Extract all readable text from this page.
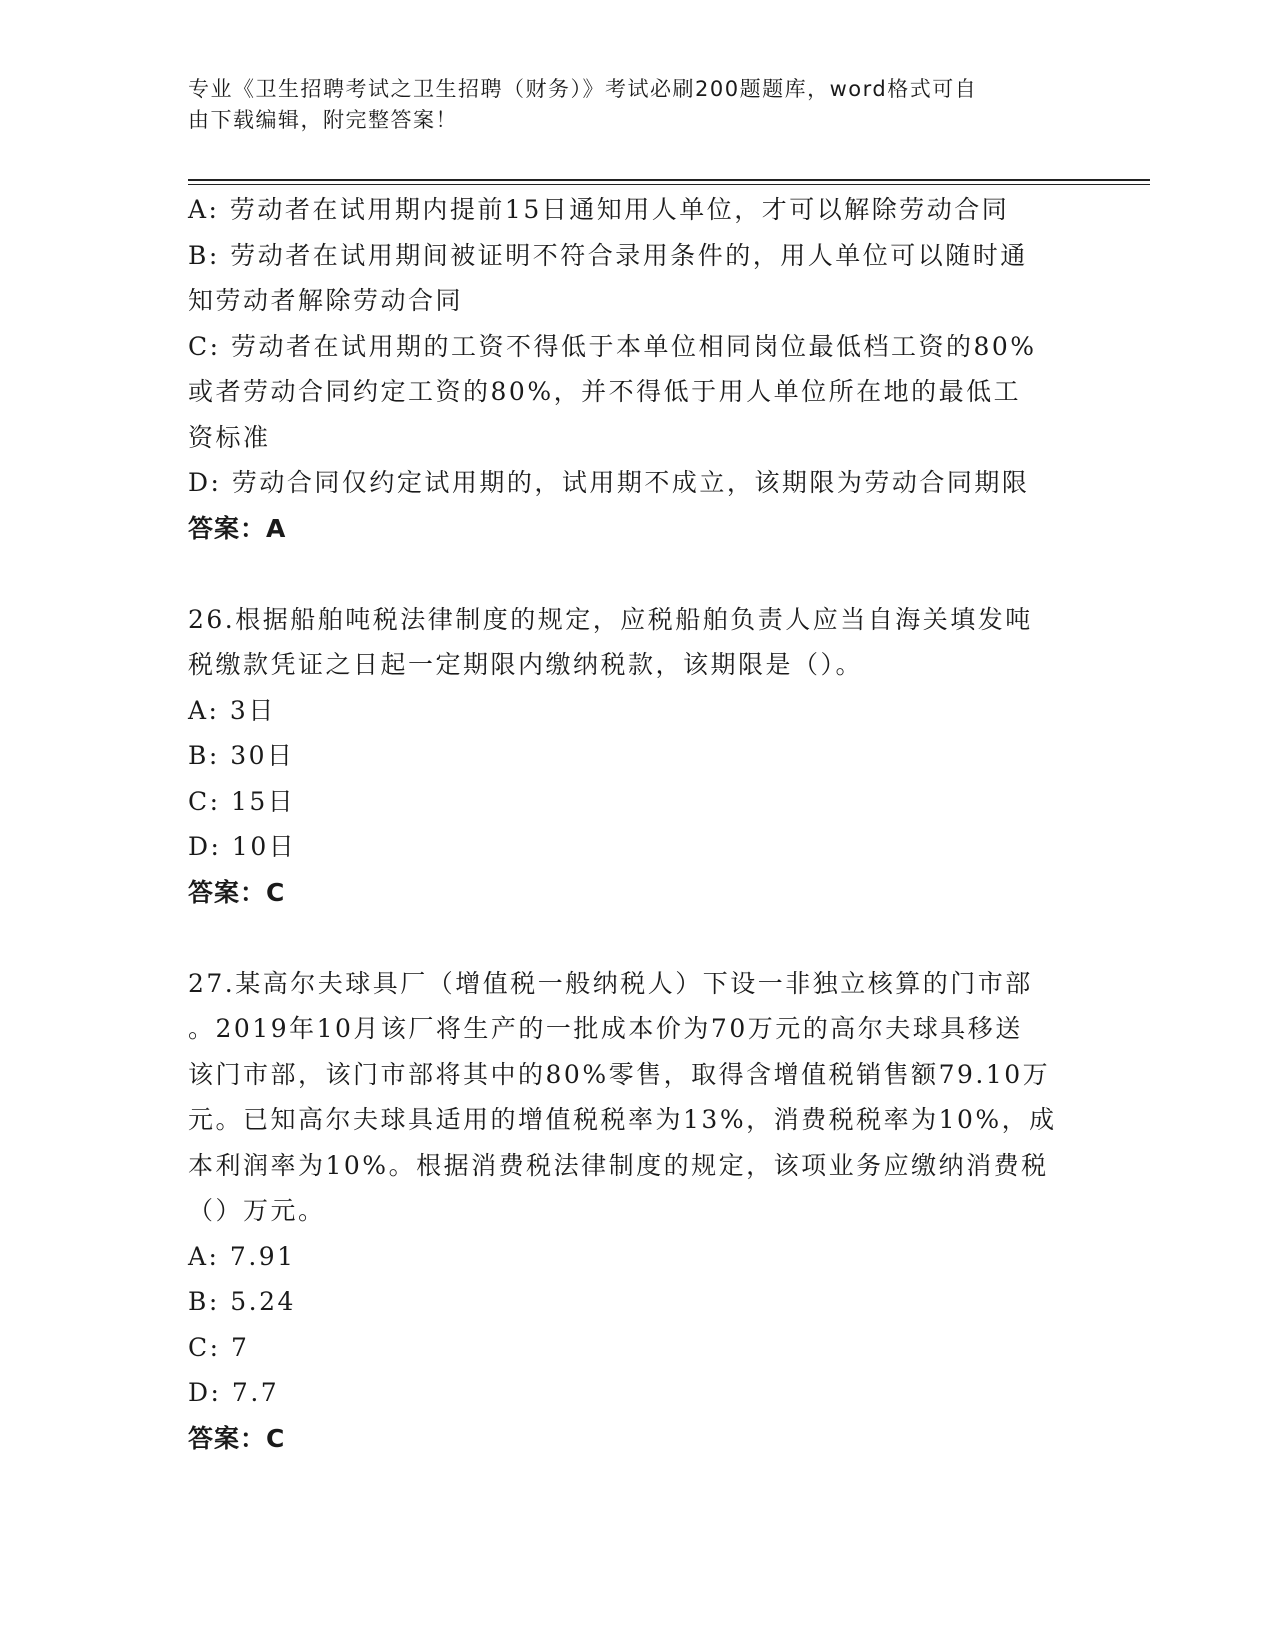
专业《卫生招聘考试之卫生招聘（财务）》考试必刷200题题库，word格式可自
由下载编辑，附完整答案！

A: 劳动者在试用期内提前15日通知用人单位，才可以解除劳动合同

B: 劳动者在试用期间被证明不符合录用条件的，用人单位可以随时通

知劳动者解除劳动合同

C: 劳动者在试用期的工资不得低于本单位相同岗位最低档工资的80%

或者劳动合同约定工资的80%，并不得低于用人单位所在地的最低工

资标准

D: 劳动合同仅约定试用期的，试用期不成立，该期限为劳动合同期限

答案：A

26.根据船舶吨税法律制度的规定，应税船舶负责人应当自海关填发吨

税缴款凭证之日起一定期限内缴纳税款，该期限是（）。

A: 3日

B: 30日

C: 15日

D: 10日

答案：C

27.某高尔夫球具厂（增值税一般纳税人）下设一非独立核算的门市部

。2019年10月该厂将生产的一批成本价为70万元的高尔夫球具移送

该门市部，该门市部将其中的80%零售，取得含增值税销售额79.10万

元。已知高尔夫球具适用的增值税税率为13%，消费税税率为10%，成

本利润率为10%。根据消费税法律制度的规定，该项业务应缴纳消费税

（）万元。

A: 7.91

B: 5.24

C: 7

D: 7.7

答案：C
